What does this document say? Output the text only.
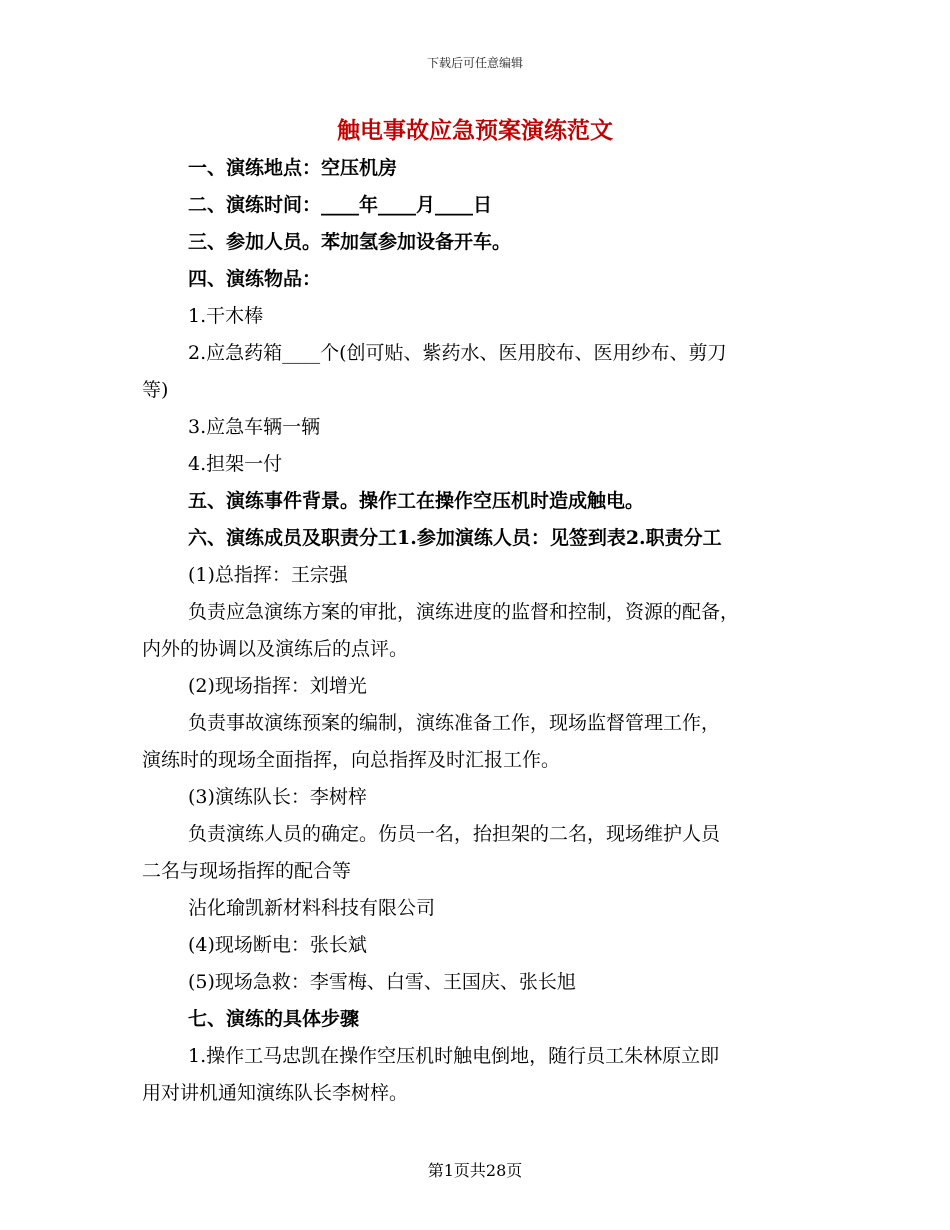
下载后可任意编辑
触电事故应急预案演练范文

一、演练地点：空压机房

二、演练时间：____年____月____日

三、参加人员。苯加氢参加设备开车。

四、演练物品：

1.干木棒

2.应急药箱____个(创可贴、紫药水、医用胶布、医用纱布、剪刀

等)

3.应急车辆一辆

4.担架一付

五、演练事件背景。操作工在操作空压机时造成触电。

六、演练成员及职责分工1.参加演练人员：见签到表2.职责分工

(1)总指挥：王宗强

负责应急演练方案的审批，演练进度的监督和控制，资源的配备，

内外的协调以及演练后的点评。

(2)现场指挥：刘增光

负责事故演练预案的编制，演练准备工作，现场监督管理工作，

演练时的现场全面指挥，向总指挥及时汇报工作。

(3)演练队长：李树梓

负责演练人员的确定。伤员一名，抬担架的二名，现场维护人员

二名与现场指挥的配合等

沾化瑜凯新材料科技有限公司

(4)现场断电：张长斌

(5)现场急救：李雪梅、白雪、王国庆、张长旭

七、演练的具体步骤

1.操作工马忠凯在操作空压机时触电倒地，随行员工朱林原立即

用对讲机通知演练队长李树梓。

第1页共28页
